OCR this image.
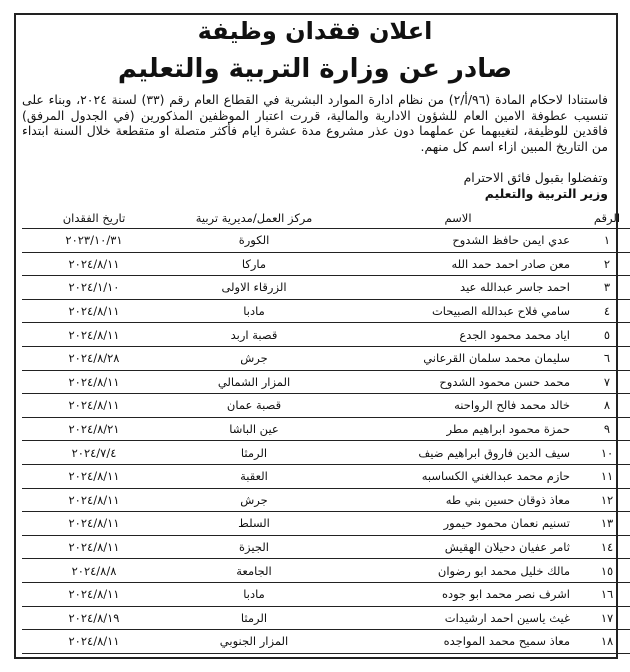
اعلان فقدان وظيفة
صادر عن وزارة التربية والتعليم
فاستنادا لاحكام المادة (٩٦/أ/٢) من نظام ادارة الموارد البشرية في القطاع العام رقم (٣٣) لسنة ٢٠٢٤، وبناء على تنسيب عطوفة الامين العام للشؤون الادارية والمالية، قررت اعتبار الموظفين المذكورين (في الجدول المرفق) فاقدين للوظيفة، لتغيبهما عن عملهما دون عذر مشروع مدة عشرة ايام فأكثر متصلة او متقطعة خلال السنة ابتداء من التاريخ المبين ازاء اسم كل منهم.
وتفضلوا بقبول فائق الاحترام
وزير التربية والتعليم
الرقم	الاسم	مركز العمل/مديرية تربية	تاريخ الفقدان
١	عدي ايمن حافظ الشدوح	الكورة	٢٠٢٣/١٠/٣١
٢	معن صادر احمد حمد الله	ماركا	٢٠٢٤/٨/١١
٣	احمد جاسر عبدالله عيد	الزرقاء الاولى	٢٠٢٤/١/١٠
٤	سامي فلاح عبدالله الصبيحات	مادبا	٢٠٢٤/٨/١١
٥	اياد محمد محمود الجدع	قصبة اربد	٢٠٢٤/٨/١١
٦	سليمان محمد سلمان القرعاني	جرش	٢٠٢٤/٨/٢٨
٧	محمد حسن محمود الشدوح	المزار الشمالي	٢٠٢٤/٨/١١
٨	خالد محمد فالح الرواحنه	قصبة عمان	٢٠٢٤/٨/١١
٩	حمزة محمود ابراهيم مطر	عين الباشا	٢٠٢٤/٨/٢١
١٠	سيف الدين فاروق ابراهيم ضيف	الرمثا	٢٠٢٤/٧/٤
١١	حازم محمد عبدالغني الكساسبه	العقبة	٢٠٢٤/٨/١١
١٢	معاذ ذوقان حسين بني طه	جرش	٢٠٢٤/٨/١١
١٣	تسنيم نعمان محمود حيمور	السلط	٢٠٢٤/٨/١١
١٤	ثامر عفيان دحيلان الهقيش	الجيزة	٢٠٢٤/٨/١١
١٥	مالك خليل محمد ابو رضوان	الجامعة	٢٠٢٤/٨/٨
١٦	اشرف نصر محمد ابو جوده	مادبا	٢٠٢٤/٨/١١
١٧	غيث ياسين احمد ارشيدات	الرمثا	٢٠٢٤/٨/١٩
١٨	معاذ سميح محمد المواجده	المزار الجنوبي	٢٠٢٤/٨/١١
